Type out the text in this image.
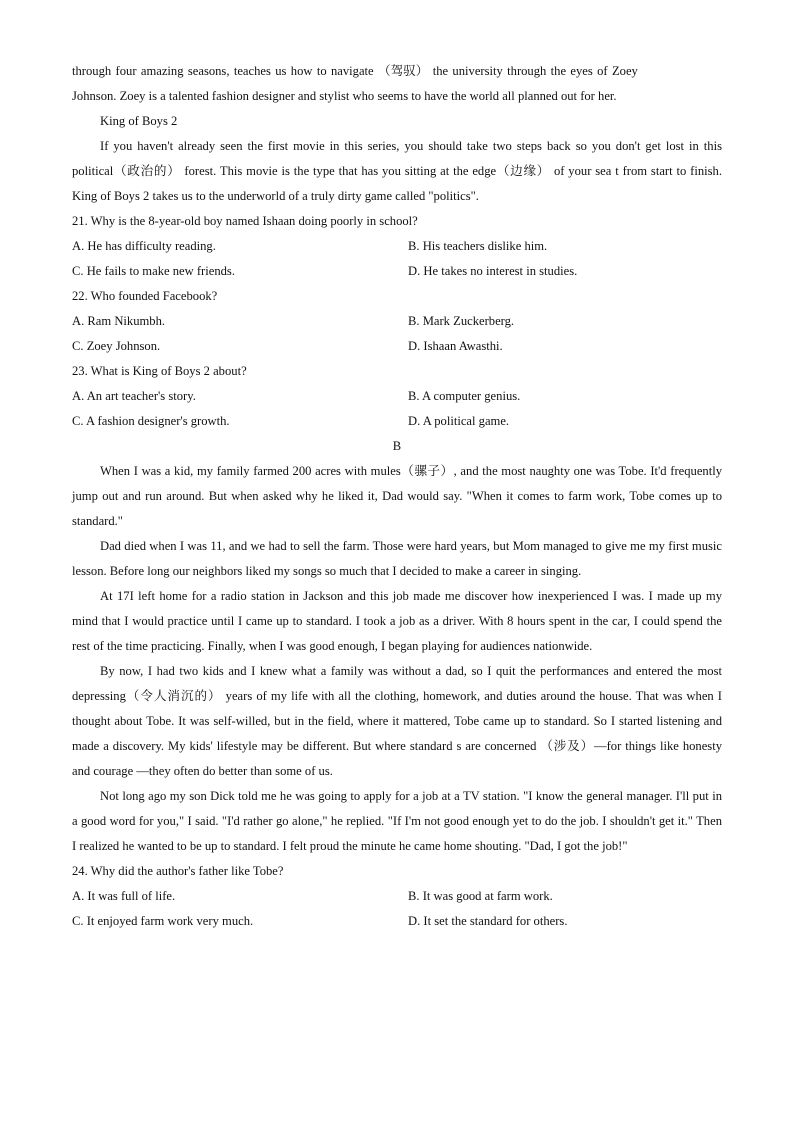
through four amazing seasons, teaches us how to navigate （驾驭） the university through the eyes of Zoey
Johnson. Zoey is a talented fashion designer and stylist who seems to have the world all planned out for her.
King of Boys 2

If you haven't already seen the first movie in this series, you should take two steps back so you don't get lost in this political（政治的） forest. This movie is the type that has you sitting at the edge（边缘） of your sea t from start to finish. King of Boys 2 takes us to the underworld of a truly dirty game called "politics".

21. Why is the 8-year-old boy named Ishaan doing poorly in school?
A. He has difficulty reading.	B. His teachers dislike him.
C. He fails to make new friends.	D. He takes no interest in studies.
22. Who founded Facebook?
A. Ram Nikumbh.	B. Mark Zuckerberg.
C. Zoey Johnson.	D. Ishaan Awasthi.
23. What is King of Boys 2 about?
A. An art teacher's story.	B. A computer genius.
C. A fashion designer's growth.	D. A political game.
B

When I was a kid, my family farmed 200 acres with mules（骡子）, and the most naughty one was Tobe. It'd frequently jump out and run around. But when asked why he liked it, Dad would say. "When it comes to farm work, Tobe comes up to standard."

Dad died when I was 11, and we had to sell the farm. Those were hard years, but Mom managed to give me my first music lesson. Before long our neighbors liked my songs so much that I decided to make a career in singing.

At 17I left home for a radio station in Jackson and this job made me discover how inexperienced I was. I made up my mind that I would practice until I came up to standard. I took a job as a driver. With 8 hours spent in the car, I could spend the rest of the time practicing. Finally, when I was good enough, I began playing for audiences nationwide.

By now, I had two kids and I knew what a family was without a dad, so I quit the performances and entered the most depressing（令人消沉的） years of my life with all the clothing, homework, and duties around the house. That was when I thought about Tobe. It was self-willed, but in the field, where it mattered, Tobe came up to standard. So I started listening and made a discovery. My kids' lifestyle may be different. But where standard s are concerned （涉及）—for things like honesty and courage —they often do better than some of us.

Not long ago my son Dick told me he was going to apply for a job at a TV station. "I know the general manager. I'll put in a good word for you," I said. "I'd rather go alone," he replied. "If I'm not good enough yet to do the job. I shouldn't get it." Then I realized he wanted to be up to standard. I felt proud the minute he came home shouting. "Dad, I got the job!"

24. Why did the author's father like Tobe?
A. It was full of life.	B. It was good at farm work.
C. It enjoyed farm work very much.	D. It set the standard for others.
